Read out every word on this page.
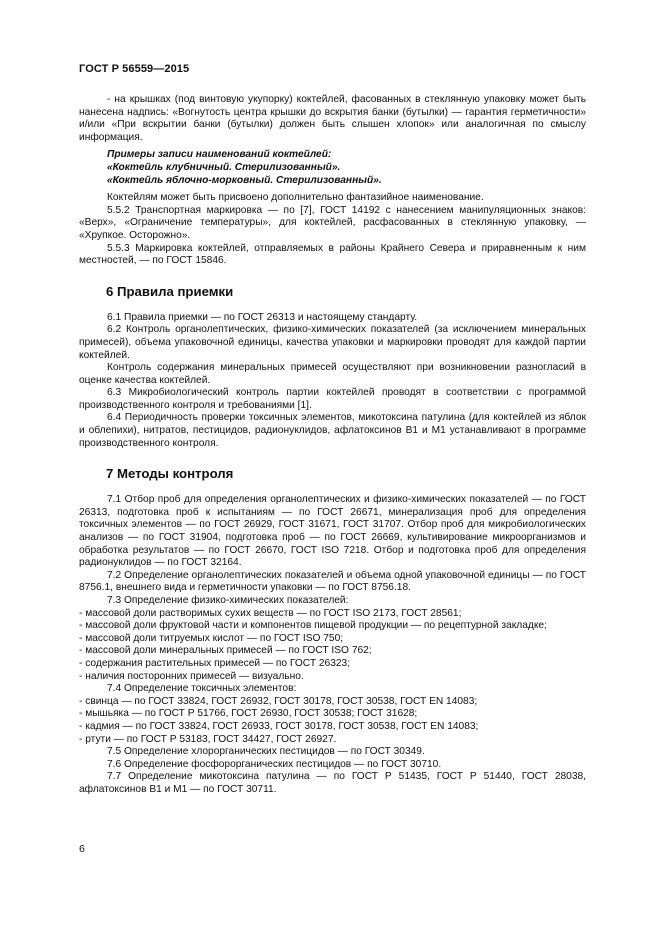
ГОСТ Р 56559—2015

- на крышках (под винтовую укупорку) коктейлей, фасованных в стеклянную упаковку может быть нанесена надпись: «Вогнутость центра крышки до вскрытия банки (бутылки) — гарантия герметичности» и/или «При вскрытии банки (бутылки) должен быть слышен хлопок» или аналогичная по смыслу информация.

Примеры записи наименований коктейлей:

«Коктейль клубничный. Стерилизованный».

«Коктейль яблочно-морковный. Стерилизованный».

Коктейлям может быть присвоено дополнительно фантазийное наименование.

5.5.2 Транспортная маркировка — по [7], ГОСТ 14192 с нанесением манипуляционных знаков: «Верх», «Ограничение температуры», для коктейлей, расфасованных в стеклянную упаковку, — «Хрупкое. Осторожно».

5.5.3 Маркировка коктейлей, отправляемых в районы Крайнего Севера и приравненным к ним местностей, — по ГОСТ 15846.

6 Правила приемки

6.1 Правила приемки — по ГОСТ 26313 и настоящему стандарту.

6.2 Контроль органолептических, физико-химических показателей (за исключением минеральных примесей), объема упаковочной единицы, качества упаковки и маркировки проводят для каждой партии коктейлей.

Контроль содержания минеральных примесей осуществляют при возникновении разногласий в оценке качества коктейлей.

6.3 Микробиологический контроль партии коктейлей проводят в соответствии с программой производственного контроля и требованиями [1].

6.4 Периодичность проверки токсичных элементов, микотоксина патулина (для коктейлей из яблок и облепихи), нитратов, пестицидов, радионуклидов, афлатоксинов В1 и М1 устанавливают в программе производственного контроля.

7 Методы контроля

7.1 Отбор проб для определения органолептических и физико-химических показателей — по ГОСТ 26313, подготовка проб к испытаниям — по ГОСТ 26671, минерализация проб для определения токсичных элементов — по ГОСТ 26929, ГОСТ 31671, ГОСТ 31707. Отбор проб для микробиологических анализов — по ГОСТ 31904, подготовка проб — по ГОСТ 26669, культивирование микроорганизмов и обработка результатов — по ГОСТ 26670, ГОСТ ISO 7218. Отбор и подготовка проб для определения радионуклидов — по ГОСТ 32164.

7.2 Определение органолептических показателей и объема одной упаковочной единицы — по ГОСТ 8756.1, внешнего вида и герметичности упаковки — по ГОСТ 8756.18.

7.3 Определение физико-химических показателей:

- массовой доли растворимых сухих веществ — по ГОСТ ISO 2173, ГОСТ 28561;

- массовой доли фруктовой части и компонентов пищевой продукции — по рецептурной закладке;

- массовой доли титруемых кислот — по ГОСТ ISO 750;

- массовой доли минеральных примесей — по ГОСТ ISO 762;

- содержания растительных примесей — по ГОСТ 26323;

- наличия посторонних примесей — визуально.

7.4 Определение токсичных элементов:

- свинца — по ГОСТ 33824, ГОСТ 26932, ГОСТ 30178, ГОСТ 30538, ГОСТ EN 14083;

- мышьяка — по ГОСТ Р 51766, ГОСТ 26930, ГОСТ 30538; ГОСТ 31628;

- кадмия — по ГОСТ 33824, ГОСТ 26933, ГОСТ 30178, ГОСТ 30538, ГОСТ EN 14083;

- ртути — по ГОСТ Р 53183, ГОСТ 34427, ГОСТ 26927.

7.5 Определение хлорорганических пестицидов — по ГОСТ 30349.

7.6 Определение фосфорорганических пестицидов — по ГОСТ 30710.

7.7 Определение микотоксина патулина — по ГОСТ Р 51435, ГОСТ Р 51440, ГОСТ 28038, афлатоксинов В1 и М1 — по ГОСТ 30711.

6
